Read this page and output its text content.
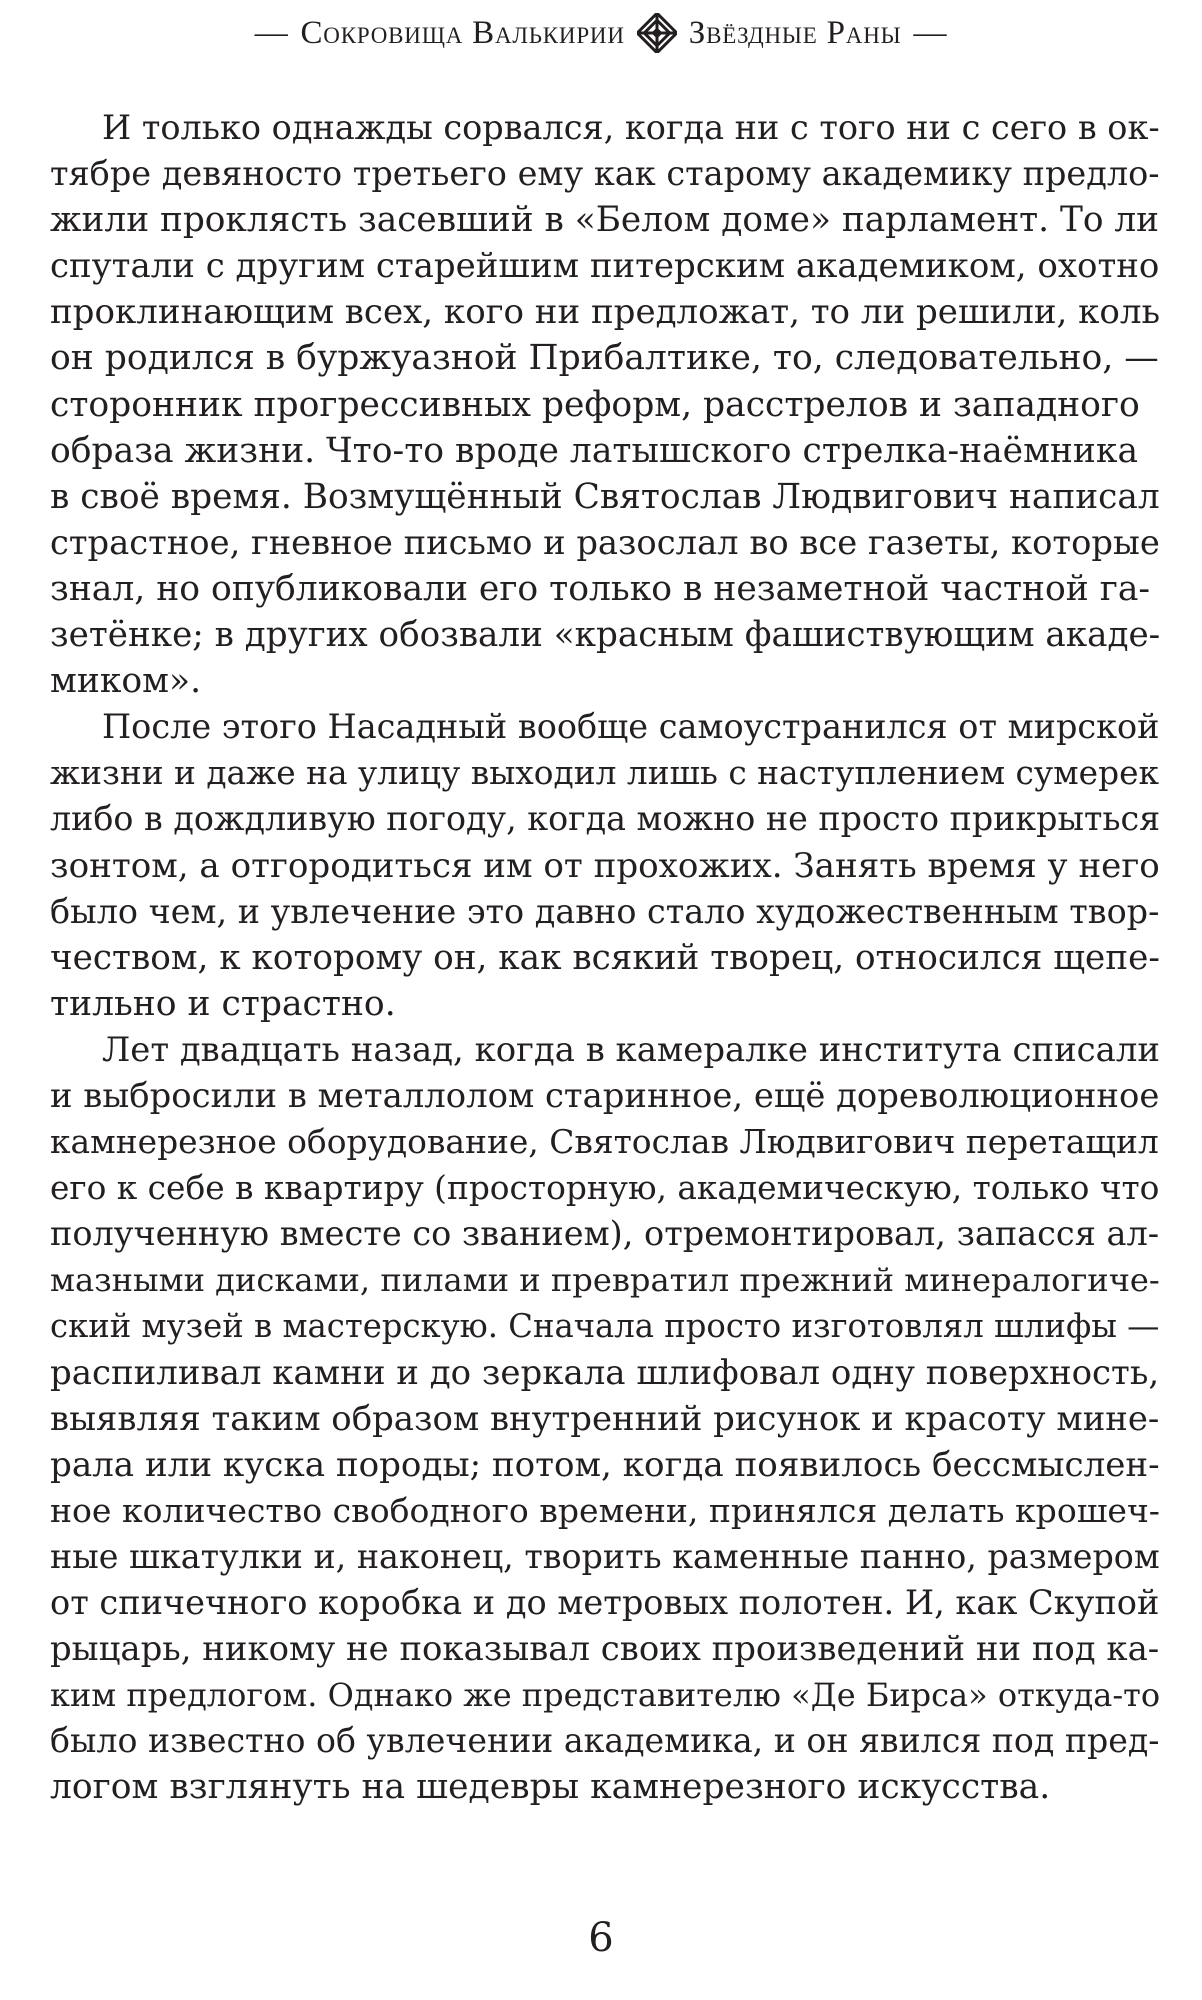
— Сокровища Валькирии Звёздные Раны —
И только однажды сорвался, когда ни с того ни с сего в ок-
тябре девяносто третьего ему как старому академику предло-
жили проклясть засевший в «Белом доме» парламент. То ли
спутали с другим старейшим питерским академиком, охотно
проклинающим всех, кого ни предложат, то ли решили, коль
он родился в буржуазной Прибалтике, то, следовательно, —
сторонник прогрессивных реформ, расстрелов и западного
образа жизни. Что-то вроде латышского стрелка-наёмника
в своё время. Возмущённый Святослав Людвигович написал
страстное, гневное письмо и разослал во все газеты, которые
знал, но опубликовали его только в незаметной частной га-
зетёнке; в других обозвали «красным фашиствующим акаде-
миком».
После этого Насадный вообще самоустранился от мирской
жизни и даже на улицу выходил лишь с наступлением сумерек
либо в дождливую погоду, когда можно не просто прикрыться
зонтом, а отгородиться им от прохожих. Занять время у него
было чем, и увлечение это давно стало художественным твор-
чеством, к которому он, как всякий творец, относился щепе-
тильно и страстно.
Лет двадцать назад, когда в камералке института списали
и выбросили в металлолом старинное, ещё дореволюционное
камнерезное оборудование, Святослав Людвигович перетащил
его к себе в квартиру (просторную, академическую, только что
полученную вместе со званием), отремонтировал, запасся ал-
мазными дисками, пилами и превратил прежний минералогиче-
ский музей в мастерскую. Сначала просто изготовлял шлифы —
распиливал камни и до зеркала шлифовал одну поверхность,
выявляя таким образом внутренний рисунок и красоту мине-
рала или куска породы; потом, когда появилось бессмыслен-
ное количество свободного времени, принялся делать крошеч-
ные шкатулки и, наконец, творить каменные панно, размером
от спичечного коробка и до метровых полотен. И, как Скупой
рыцарь, никому не показывал своих произведений ни под ка-
ким предлогом. Однако же представителю «Де Бирса» откуда-то
было известно об увлечении академика, и он явился под пред-
логом взглянуть на шедевры камнерезного искусства.
6
